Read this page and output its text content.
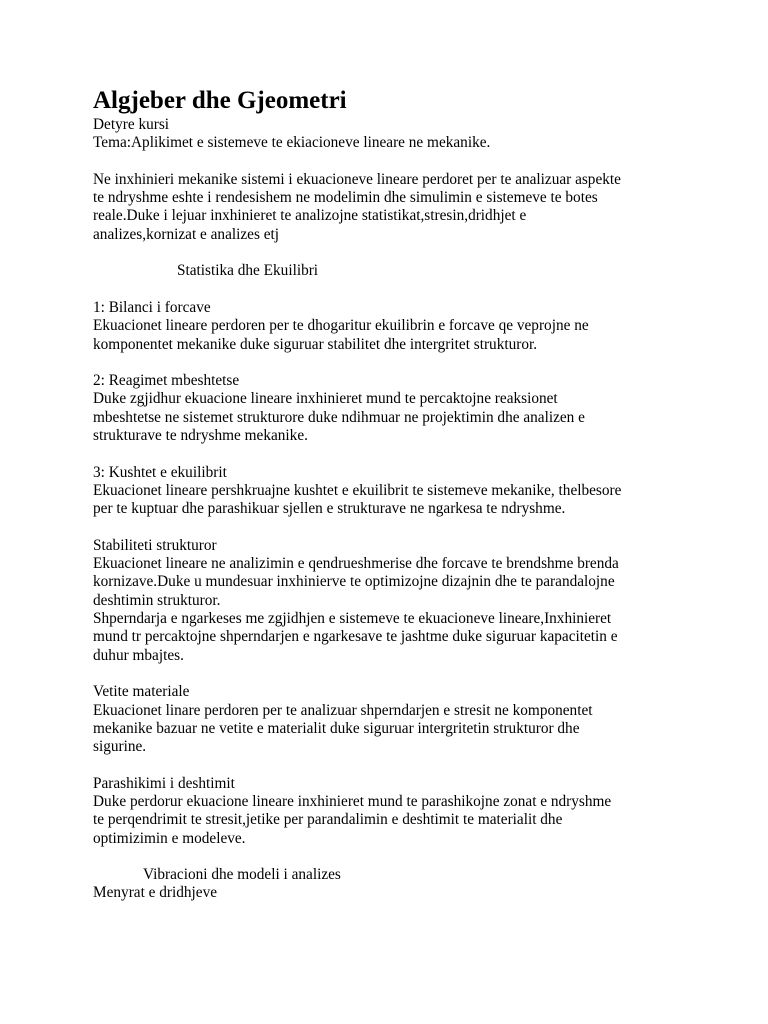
Algjeber dhe Gjeometri
Detyre kursi
Tema:Aplikimet e sistemeve te ekiacioneve lineare ne mekanike.
Ne inxhinieri mekanike sistemi i ekuacioneve lineare perdoret per te analizuar aspekte
te ndryshme eshte i rendesishem ne modelimin dhe simulimin e sistemeve te botes
reale.Duke i lejuar inxhinieret te analizojne statistikat,stresin,dridhjet e
analizes,kornizat e analizes etj
Statistika dhe Ekuilibri
1: Bilanci i forcave
Ekuacionet lineare perdoren per te dhogaritur ekuilibrin e forcave qe veprojne ne
komponentet mekanike duke siguruar stabilitet dhe intergritet strukturor.
2: Reagimet mbeshtetse
Duke zgjidhur ekuacione lineare inxhinieret mund te percaktojne reaksionet
mbeshtetse ne sistemet strukturore duke ndihmuar ne projektimin dhe analizen e
strukturave te ndryshme mekanike.
3: Kushtet e ekuilibrit
Ekuacionet lineare pershkruajne kushtet e ekuilibrit te sistemeve mekanike, thelbesore
per te kuptuar dhe parashikuar sjellen e strukturave ne ngarkesa te ndryshme.
Stabiliteti strukturor
Ekuacionet lineare ne analizimin e qendrueshmerise dhe forcave te brendshme brenda
kornizave.Duke u mundesuar inxhinierve te optimizojne dizajnin dhe te parandalojne
deshtimin strukturor.
Shperndarja e ngarkeses me zgjidhjen e sistemeve te ekuacioneve lineare,Inxhinieret
mund tr percaktojne shperndarjen e ngarkesave te jashtme duke siguruar kapacitetin e
duhur mbajtes.
Vetite materiale
Ekuacionet linare perdoren per te analizuar shperndarjen e stresit ne komponentet
mekanike bazuar ne vetite e materialit duke siguruar intergritetin strukturor dhe
sigurine.
Parashikimi i deshtimit
Duke perdorur ekuacione lineare inxhinieret mund te parashikojne zonat e ndryshme
te perqendrimit te stresit,jetike per parandalimin e deshtimit te materialit dhe
optimizimin e modeleve.
Vibracioni dhe modeli i analizes
Menyrat e dridhjeve
